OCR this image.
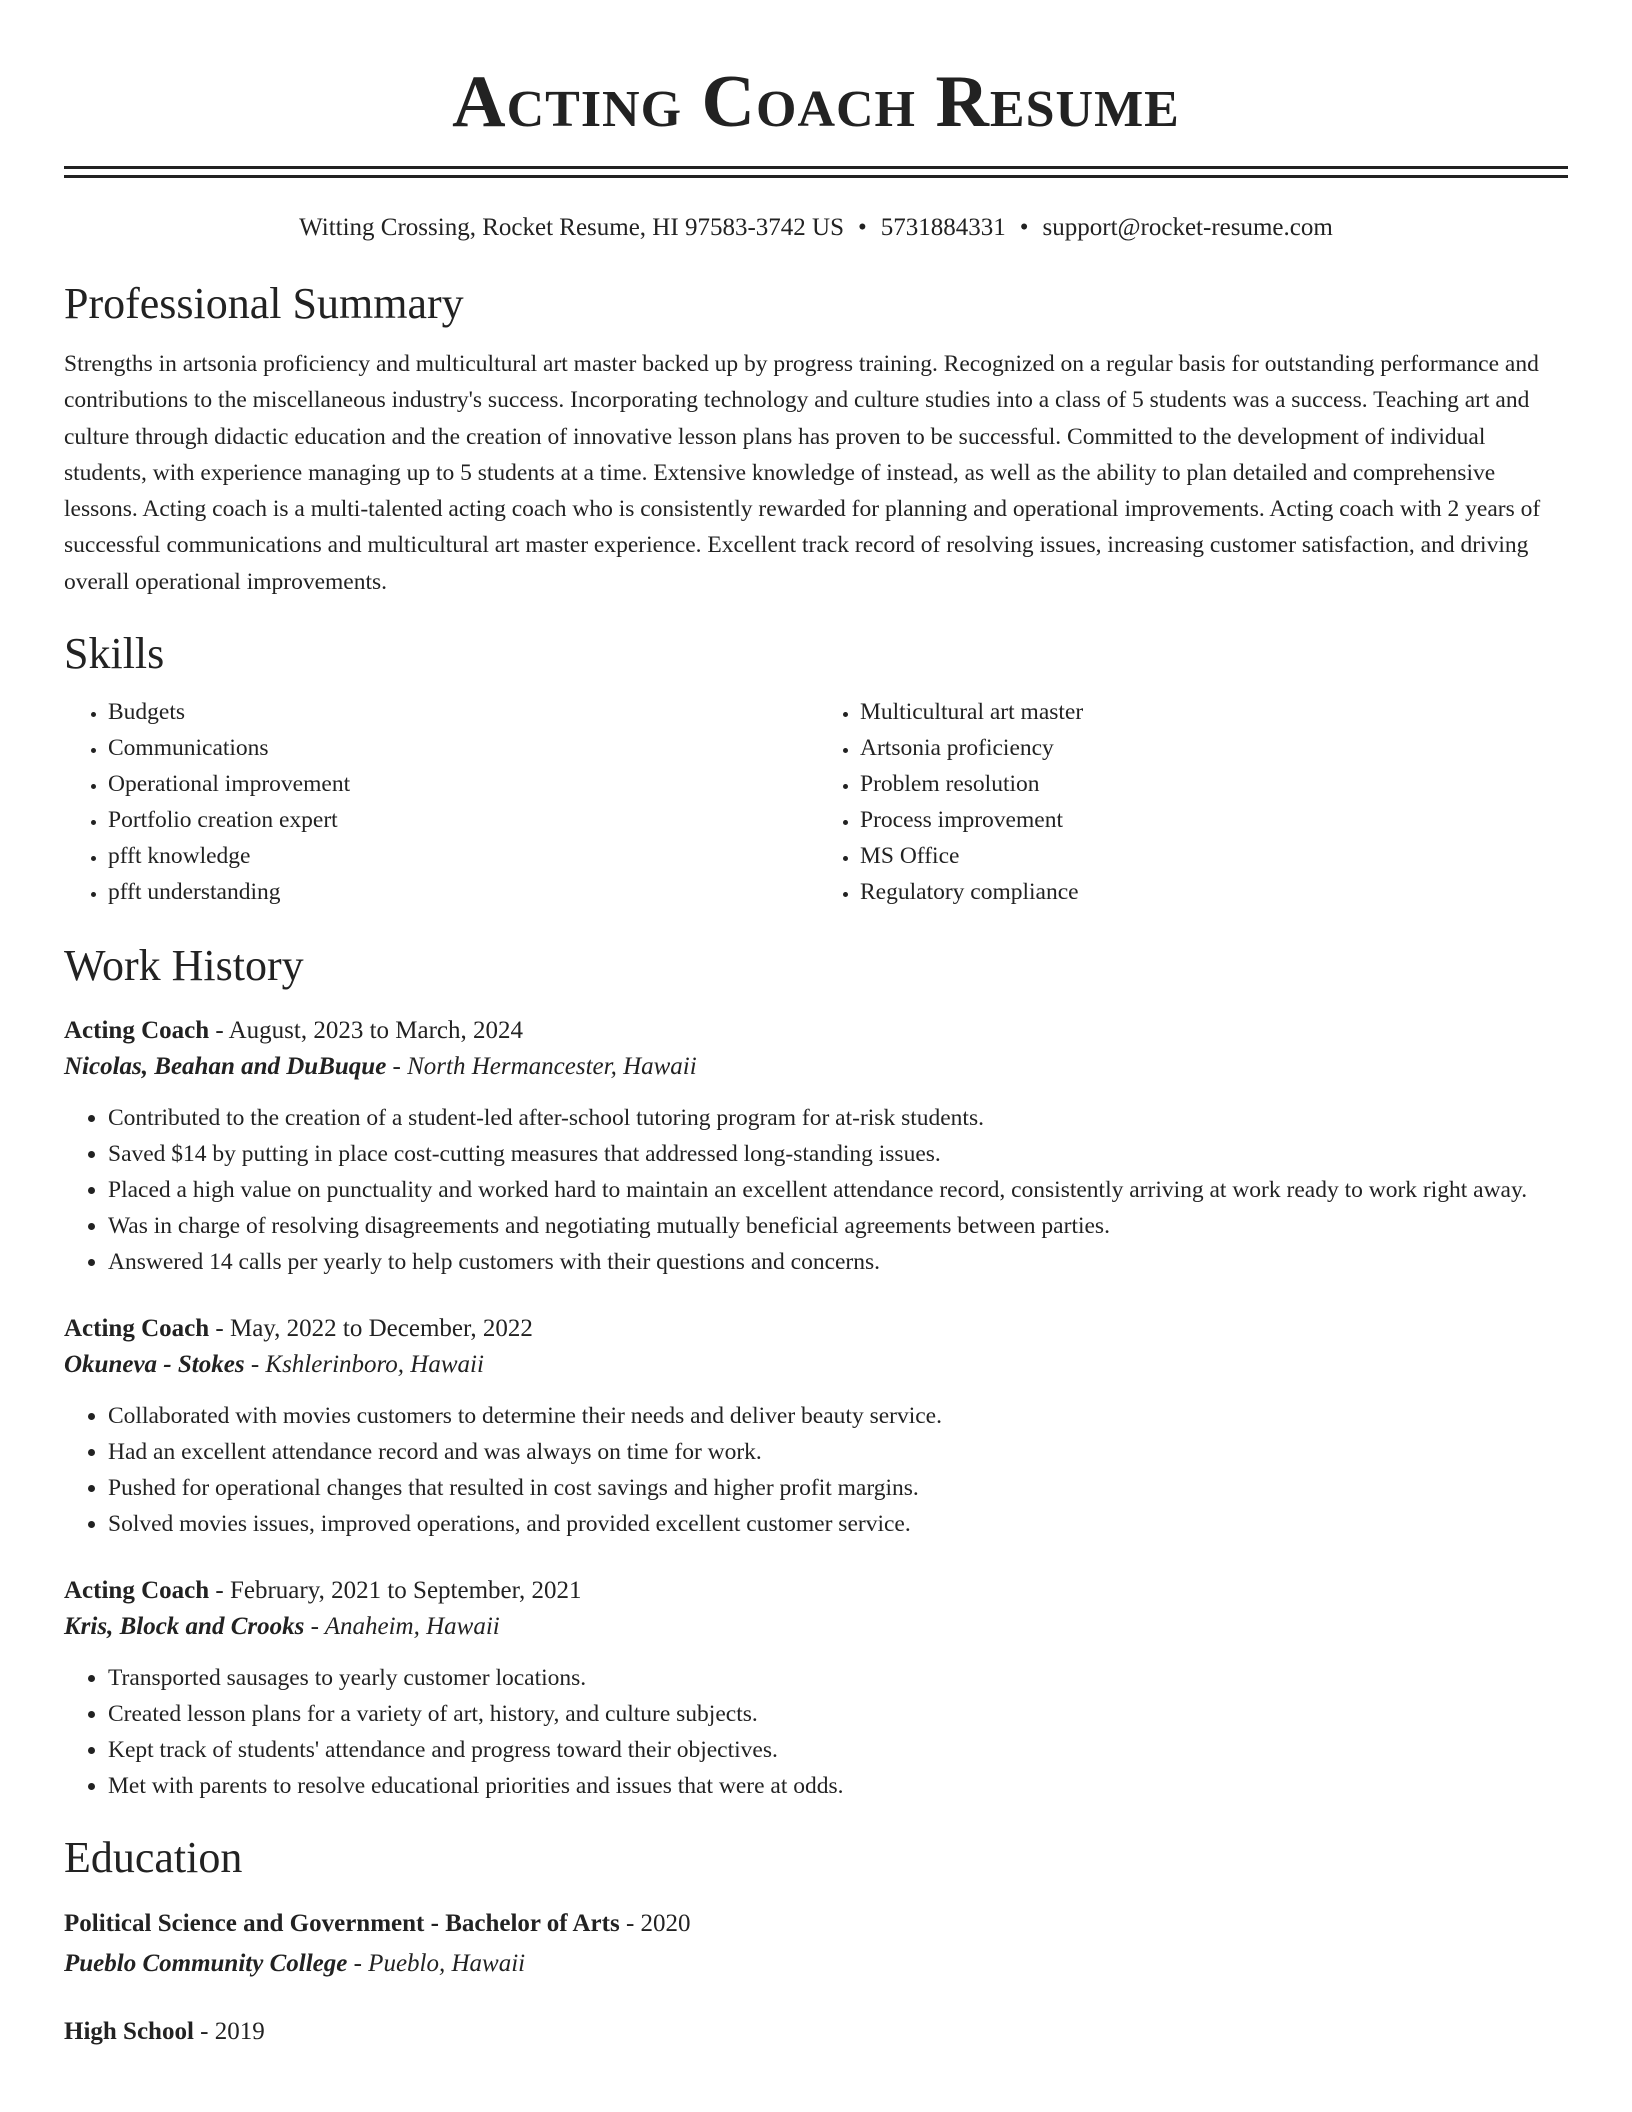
Acting Coach Resume
Witting Crossing, Rocket Resume, HI 97583-3742 US • 5731884331 • support@rocket-resume.com
Professional Summary

Strengths in artsonia proficiency and multicultural art master backed up by progress training. Recognized on a regular basis for outstanding performance and contributions to the miscellaneous industry's success. Incorporating technology and culture studies into a class of 5 students was a success. Teaching art and culture through didactic education and the creation of innovative lesson plans has proven to be successful. Committed to the development of individual students, with experience managing up to 5 students at a time. Extensive knowledge of instead, as well as the ability to plan detailed and comprehensive lessons. Acting coach is a multi-talented acting coach who is consistently rewarded for planning and operational improvements. Acting coach with 2 years of successful communications and multicultural art master experience. Excellent track record of resolving issues, increasing customer satisfaction, and driving overall operational improvements.

Skills
• Budgets
• Communications
• Operational improvement
• Portfolio creation expert
• pfft knowledge
• pfft understanding
• Multicultural art master
• Artsonia proficiency
• Problem resolution
• Process improvement
• MS Office
• Regulatory compliance
Work History
Acting Coach - August, 2023 to March, 2024
Nicolas, Beahan and DuBuque - North Hermancester, Hawaii
• Contributed to the creation of a student-led after-school tutoring program for at-risk students.
• Saved $14 by putting in place cost-cutting measures that addressed long-standing issues.
• Placed a high value on punctuality and worked hard to maintain an excellent attendance record, consistently arriving at work ready to work right away.
• Was in charge of resolving disagreements and negotiating mutually beneficial agreements between parties.
• Answered 14 calls per yearly to help customers with their questions and concerns.
Acting Coach - May, 2022 to December, 2022
Okuneva - Stokes - Kshlerinboro, Hawaii
• Collaborated with movies customers to determine their needs and deliver beauty service.
• Had an excellent attendance record and was always on time for work.
• Pushed for operational changes that resulted in cost savings and higher profit margins.
• Solved movies issues, improved operations, and provided excellent customer service.
Acting Coach - February, 2021 to September, 2021
Kris, Block and Crooks - Anaheim, Hawaii
• Transported sausages to yearly customer locations.
• Created lesson plans for a variety of art, history, and culture subjects.
• Kept track of students' attendance and progress toward their objectives.
• Met with parents to resolve educational priorities and issues that were at odds.
Education
Political Science and Government - Bachelor of Arts - 2020
Pueblo Community College - Pueblo, Hawaii
High School - 2019
